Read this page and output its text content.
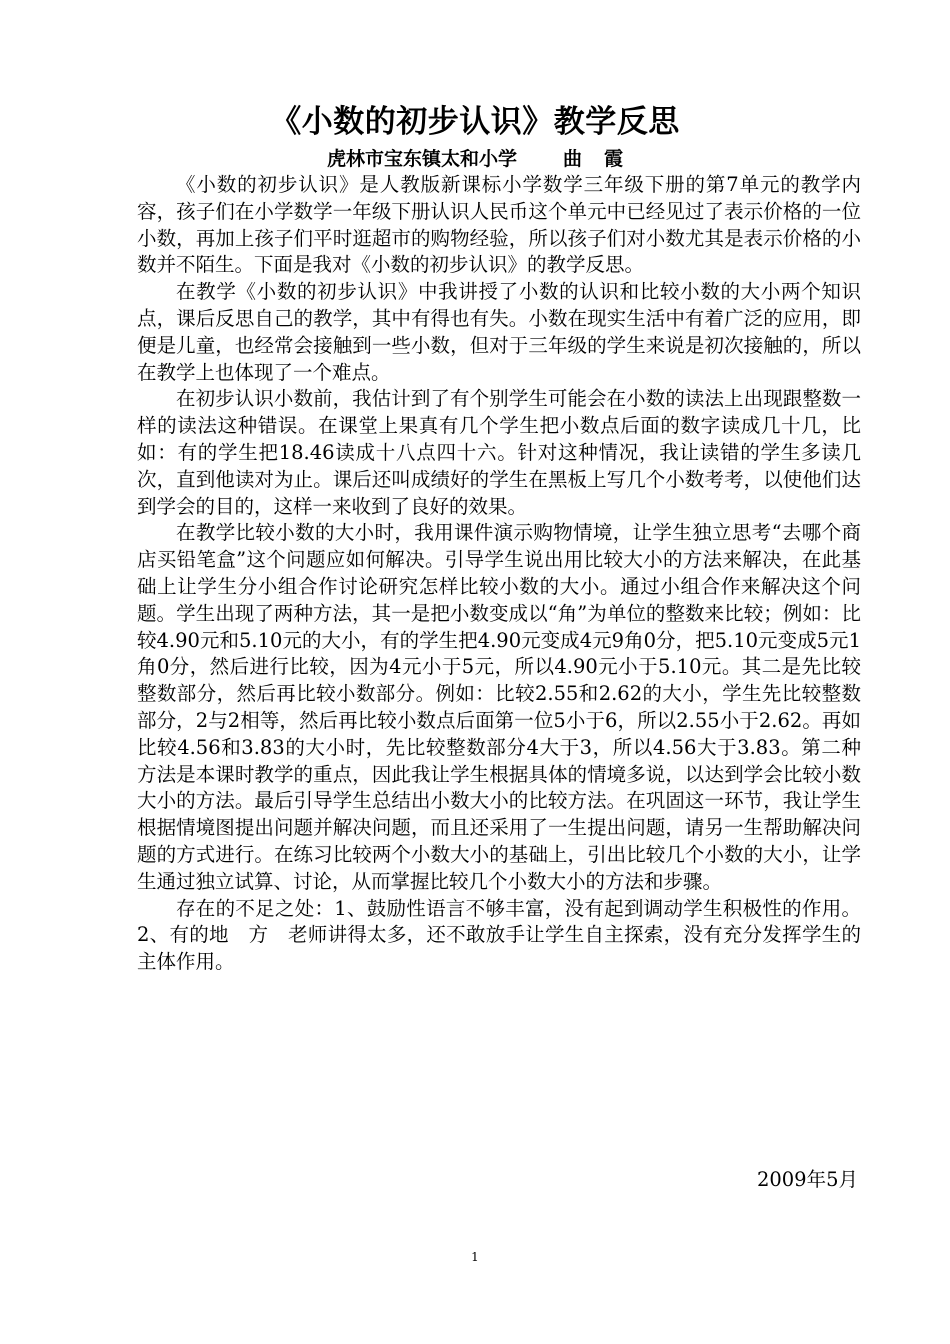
《小数的初步认识》教学反思
虎林市宝东镇太和小学 曲 霞

《小数的初步认识》是人教版新课标小学数学三年级下册的第7单元的教学内容，孩子们在小学数学一年级下册认识人民币这个单元中已经见过了表示价格的一位小数，再加上孩子们平时逛超市的购物经验，所以孩子们对小数尤其是表示价格的小数并不陌生。下面是我对《小数的初步认识》的教学反思。

在教学《小数的初步认识》中我讲授了小数的认识和比较小数的大小两个知识点，课后反思自己的教学，其中有得也有失。小数在现实生活中有着广泛的应用，即便是儿童，也经常会接触到一些小数，但对于三年级的学生来说是初次接触的，所以在教学上也体现了一个难点。

在初步认识小数前，我估计到了有个别学生可能会在小数的读法上出现跟整数一样的读法这种错误。在课堂上果真有几个学生把小数点后面的数字读成几十几，比如：有的学生把18.46读成十八点四十六。针对这种情况，我让读错的学生多读几次，直到他读对为止。课后还叫成绩好的学生在黑板上写几个小数考考，以使他们达到学会的目的，这样一来收到了良好的效果。

在教学比较小数的大小时，我用课件演示购物情境，让学生独立思考“去哪个商店买铅笔盒”这个问题应如何解决。引导学生说出用比较大小的方法来解决，在此基础上让学生分小组合作讨论研究怎样比较小数的大小。通过小组合作来解决这个问题。学生出现了两种方法，其一是把小数变成以“角”为单位的整数来比较；例如：比较4.90元和5.10元的大小，有的学生把4.90元变成4元9角0分，把5.10元变成5元1角0分，然后进行比较，因为4元小于5元，所以4.90元小于5.10元。其二是先比较整数部分，然后再比较小数部分。例如：比较2.55和2.62的大小，学生先比较整数部分，2与2相等，然后再比较小数点后面第一位5小于6，所以2.55小于2.62。再如比较4.56和3.83的大小时，先比较整数部分4大于3，所以4.56大于3.83。第二种方法是本课时教学的重点，因此我让学生根据具体的情境多说，以达到学会比较小数大小的方法。最后引导学生总结出小数大小的比较方法。在巩固这一环节，我让学生根据情境图提出问题并解决问题，而且还采用了一生提出问题，请另一生帮助解决问题的方式进行。在练习比较两个小数大小的基础上，引出比较几个小数的大小，让学生通过独立试算、讨论，从而掌握比较几个小数大小的方法和步骤。

存在的不足之处：1、鼓励性语言不够丰富，没有起到调动学生积极性的作用。2、有的地　方　老师讲得太多，还不敢放手让学生自主探索，没有充分发挥学生的主体作用。

2009年5月
1
